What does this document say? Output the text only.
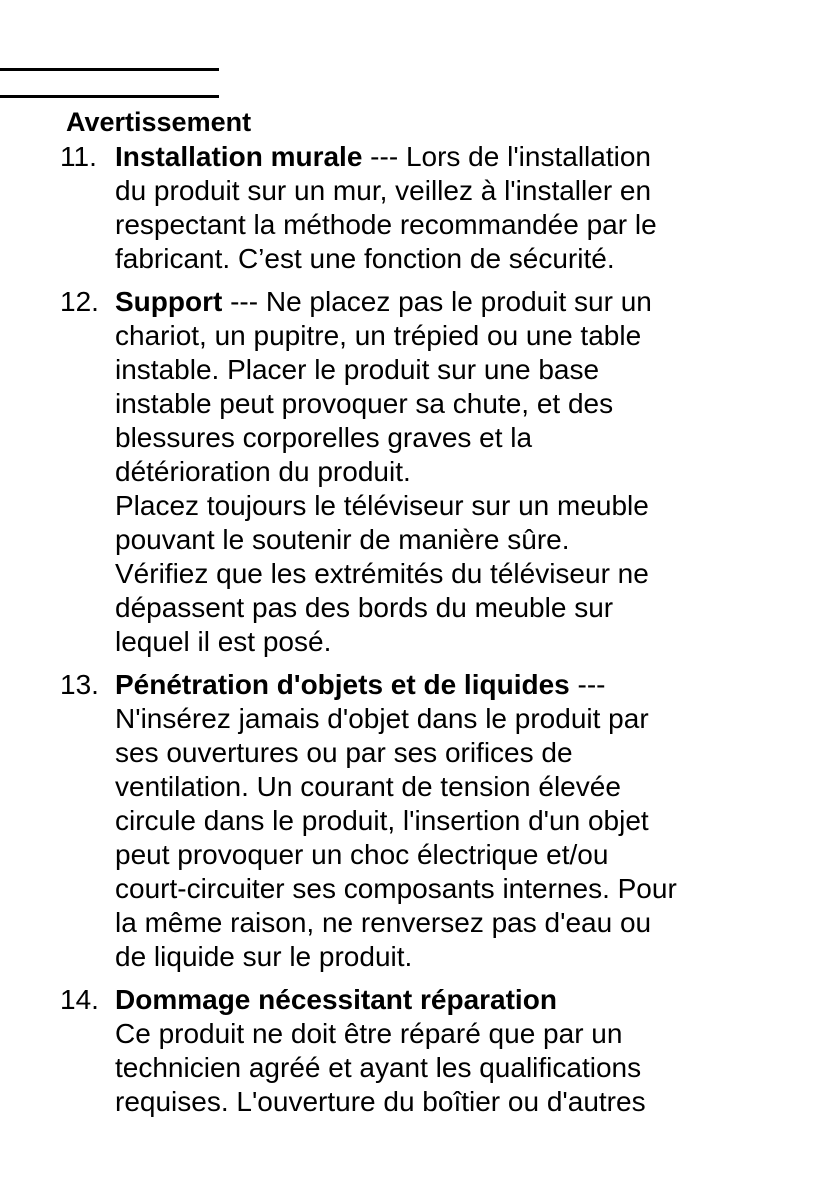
Avertissement
11. Installation murale --- Lors de l'installation
du produit sur un mur, veillez à l'installer en
respectant la méthode recommandée par le
fabricant. C’est une fonction de sécurité.
12. Support --- Ne placez pas le produit sur un
chariot, un pupitre, un trépied ou une table
instable. Placer le produit sur une base
instable peut provoquer sa chute, et des
blessures corporelles graves et la
détérioration du produit.
Placez toujours le téléviseur sur un meuble
pouvant le soutenir de manière sûre.
Vérifiez que les extrémités du téléviseur ne
dépassent pas des bords du meuble sur
lequel il est posé.
13. Pénétration d'objets et de liquides ---
N'insérez jamais d'objet dans le produit par
ses ouvertures ou par ses orifices de
ventilation. Un courant de tension élevée
circule dans le produit, l'insertion d'un objet
peut provoquer un choc électrique et/ou
court-circuiter ses composants internes. Pour
la même raison, ne renversez pas d'eau ou
de liquide sur le produit.
14. Dommage nécessitant réparation
Ce produit ne doit être réparé que par un
technicien agréé et ayant les qualifications
requises. L'ouverture du boîtier ou d'autres
